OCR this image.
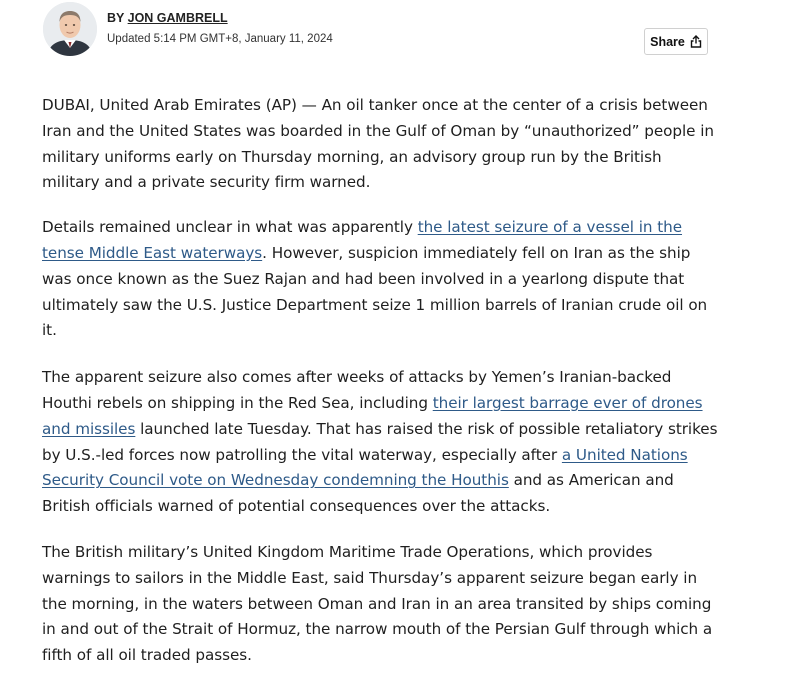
BY JON GAMBRELL
Updated 5:14 PM GMT+8, January 11, 2024	Share

DUBAI, United Arab Emirates (AP) — An oil tanker once at the center of a crisis between Iran and the United States was boarded in the Gulf of Oman by “unauthorized” people in military uniforms early on Thursday morning, an advisory group run by the British military and a private security firm warned.

Details remained unclear in what was apparently the latest seizure of a vessel in the tense Middle East waterways. However, suspicion immediately fell on Iran as the ship was once known as the Suez Rajan and had been involved in a yearlong dispute that ultimately saw the U.S. Justice Department seize 1 million barrels of Iranian crude oil on it.

The apparent seizure also comes after weeks of attacks by Yemen’s Iranian-backed Houthi rebels on shipping in the Red Sea, including their largest barrage ever of drones and missiles launched late Tuesday. That has raised the risk of possible retaliatory strikes by U.S.-led forces now patrolling the vital waterway, especially after a United Nations Security Council vote on Wednesday condemning the Houthis and as American and British officials warned of potential consequences over the attacks.

The British military’s United Kingdom Maritime Trade Operations, which provides warnings to sailors in the Middle East, said Thursday’s apparent seizure began early in the morning, in the waters between Oman and Iran in an area transited by ships coming in and out of the Strait of Hormuz, the narrow mouth of the Persian Gulf through which a fifth of all oil traded passes.
